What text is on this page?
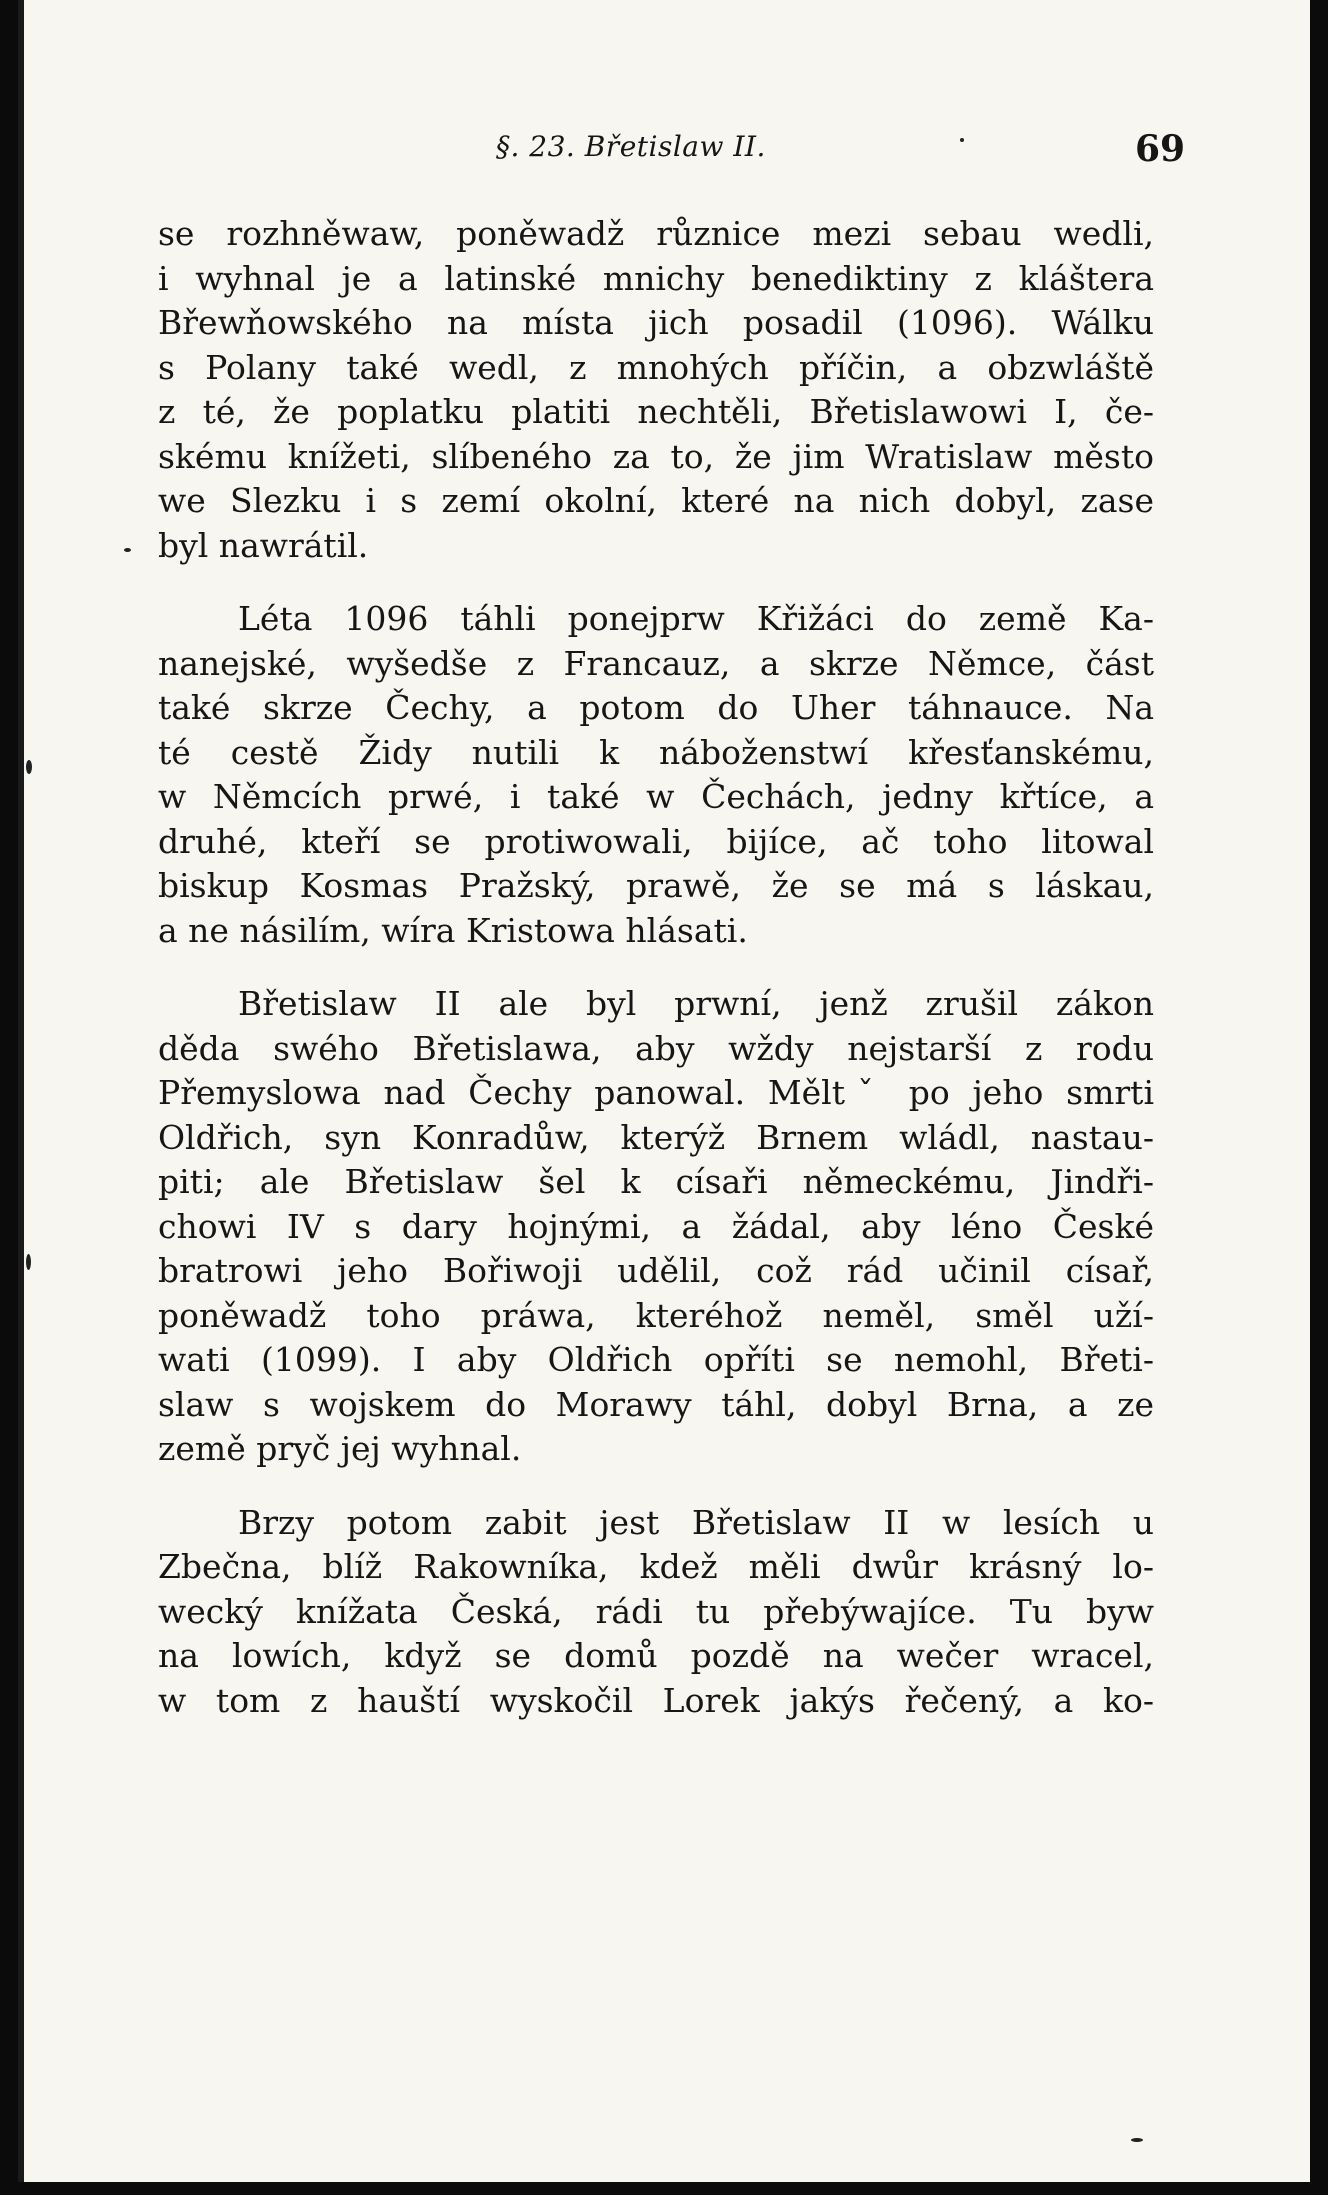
§. 23. Břetislaw II.	69
se rozhněwaw, poněwadž různice mezi sebau wedli,
i wyhnal je a latinské mnichy benediktiny z kláštera
Břewňowského na místa jich posadil (1096). Wálku
s Polany také wedl, z mnohých příčin, a obzwláště
z té, že poplatku platiti nechtěli, Břetislawowi I, če-
skému knížeti, slíbeného za to, že jim Wratislaw město
we Slezku i s zemí okolní, které na nich dobyl, zase
byl nawrátil.
Léta 1096 táhli ponejprw Křižáci do země Ka-
nanejské, wyšedše z Francauz, a skrze Němce, část
také skrze Čechy, a potom do Uher táhnauce. Na
té cestě Židy nutili k náboženstwí křesťanskému,
w Němcích prwé, i také w Čechách, jedny křtíce, a
druhé, kteří se protiwowali, bijíce, ač toho litowal
biskup Kosmas Pražský, prawě, že se má s láskau,
a ne násilím, wíra Kristowa hlásati.
Břetislaw II ale byl prwní, jenž zrušil zákon
děda swého Břetislawa, aby wždy nejstarší z rodu
Přemyslowa nad Čechy panowal. Měltˇ po jeho smrti
Oldřich, syn Konradůw, kterýž Brnem wládl, nastau-
piti; ale Břetislaw šel k císaři německému, Jindři-
chowi IV s dary hojnými, a žádal, aby léno České
bratrowi jeho Bořiwoji udělil, což rád učinil císař,
poněwadž toho práwa, kteréhož neměl, směl uží-
wati (1099). I aby Oldřich opříti se nemohl, Břeti-
slaw s wojskem do Morawy táhl, dobyl Brna, a ze
země pryč jej wyhnal.
Brzy potom zabit jest Břetislaw II w lesích u
Zbečna, blíž Rakowníka, kdež měli dwůr krásný lo-
wecký knížata Česká, rádi tu přebýwajíce. Tu byw
na lowích, když se domů pozdě na wečer wracel,
w tom z hauští wyskočil Lorek jakýs řečený, a ko-
